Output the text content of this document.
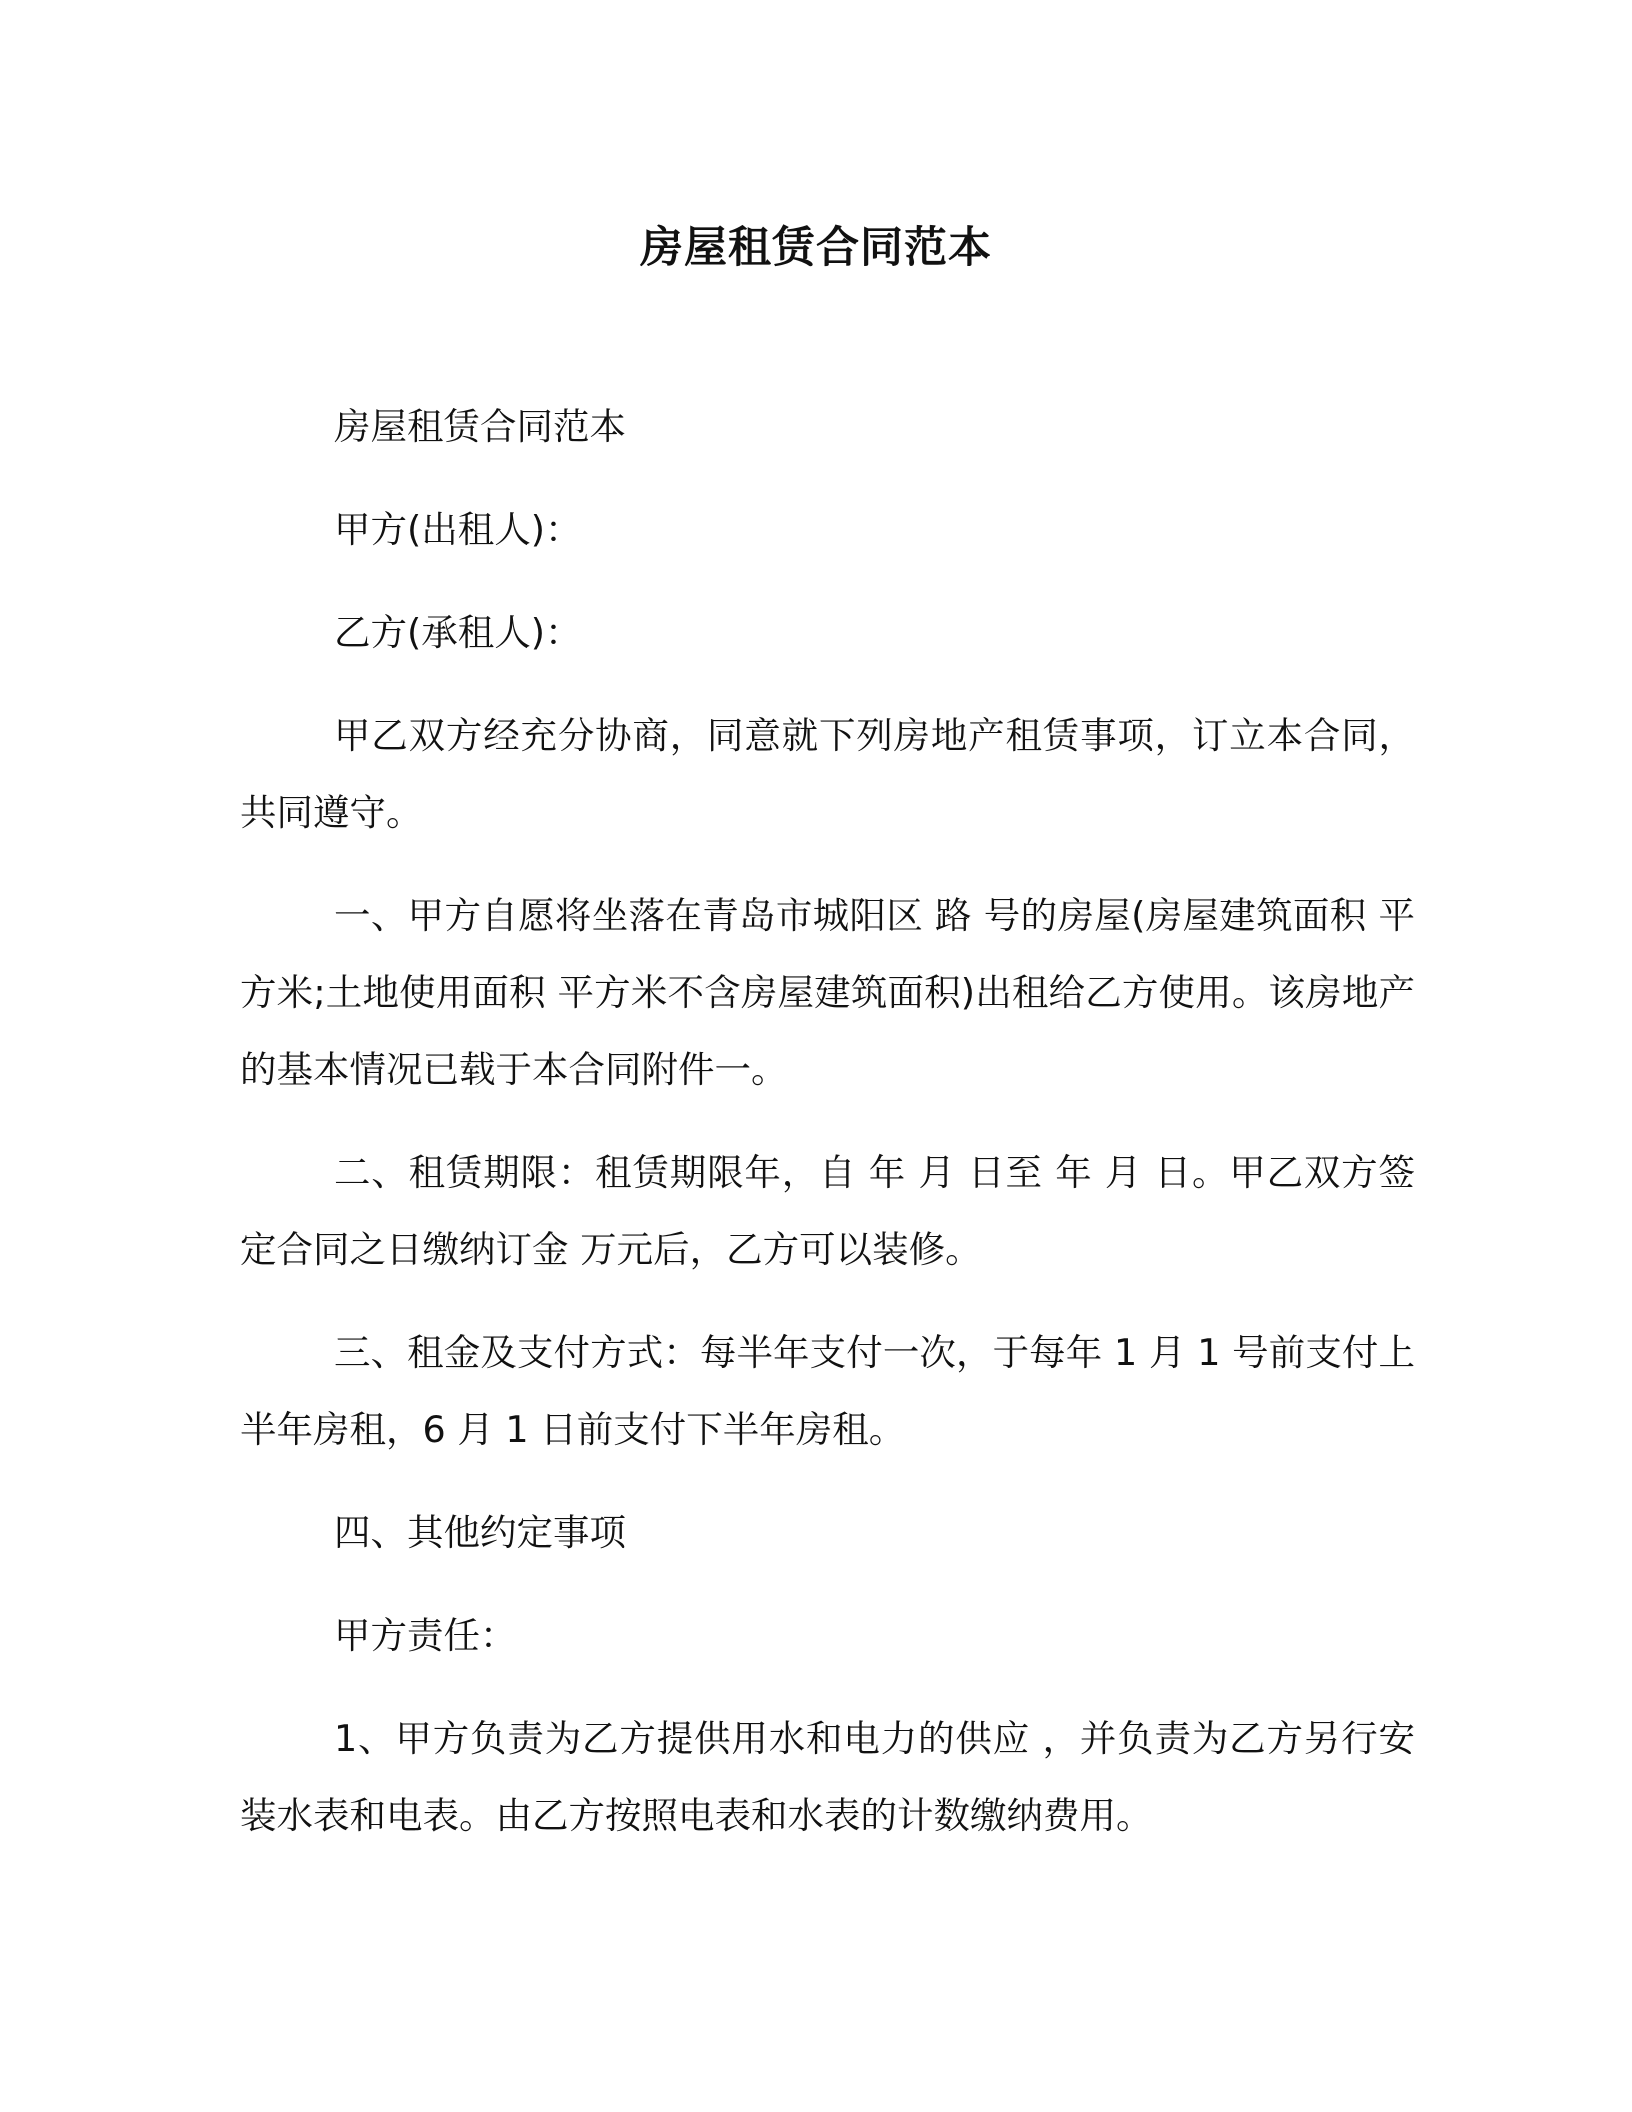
房屋租赁合同范本

房屋租赁合同范本

甲方(出租人)：

乙方(承租人)：

甲乙双方经充分协商，同意就下列房地产租赁事项，订立本合同，共同遵守。

一、甲方自愿将坐落在青岛市城阳区 路 号的房屋(房屋建筑面积 平方米;土地使用面积 平方米不含房屋建筑面积)出租给乙方使用。该房地产的基本情况已载于本合同附件一。

二、租赁期限：租赁期限年，自 年 月 日至 年 月 日。甲乙双方签定合同之日缴纳订金 万元后，乙方可以装修。

三、租金及支付方式：每半年支付一次，于每年 1 月 1 号前支付上半年房租，6 月 1 日前支付下半年房租。

四、其他约定事项

甲方责任：

1、甲方负责为乙方提供用水和电力的供应 ，并负责为乙方另行安装水表和电表。由乙方按照电表和水表的计数缴纳费用。
